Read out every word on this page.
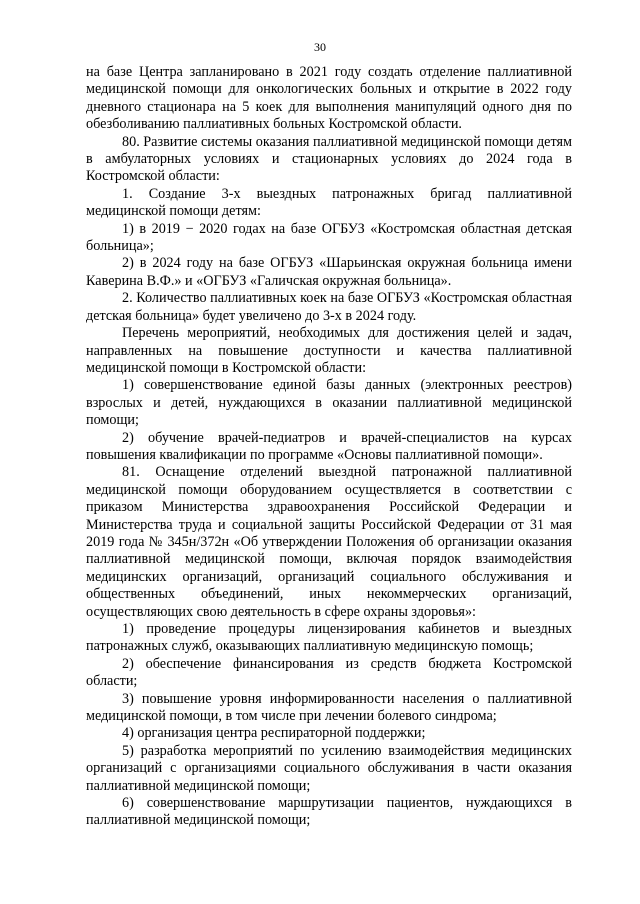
30

на базе Центра запланировано в 2021 году создать отделение паллиативной медицинской помощи для онкологических больных и открытие в 2022 году дневного стационара на 5 коек для выполнения манипуляций одного дня по обезболиванию паллиативных больных Костромской области.

80. Развитие системы оказания паллиативной медицинской помощи детям в амбулаторных условиях и стационарных условиях до 2024 года в Костромской области:

1. Создание 3-х выездных патронажных бригад паллиативной медицинской помощи детям:

1) в 2019 − 2020 годах на базе ОГБУЗ «Костромская областная детская больница»;

2) в 2024 году на базе ОГБУЗ «Шарьинская окружная больница имени Каверина В.Ф.» и «ОГБУЗ «Галичская окружная больница».

2. Количество паллиативных коек на базе ОГБУЗ «Костромская областная детская больница» будет увеличено до 3-х в 2024 году.

Перечень мероприятий, необходимых для достижения целей и задач, направленных на повышение доступности и качества паллиативной медицинской помощи в Костромской области:

1) совершенствование единой базы данных (электронных реестров) взрослых и детей, нуждающихся в оказании паллиативной медицинской помощи;

2) обучение врачей-педиатров и врачей-специалистов на курсах повышения квалификации по программе «Основы паллиативной помощи».

81. Оснащение отделений выездной патронажной паллиативной медицинской помощи оборудованием осуществляется в соответствии с приказом Министерства здравоохранения Российской Федерации и Министерства труда и социальной защиты Российской Федерации от 31 мая 2019 года № 345н/372н «Об утверждении Положения об организации оказания паллиативной медицинской помощи, включая порядок взаимодействия медицинских организаций, организаций социального обслуживания и общественных объединений, иных некоммерческих организаций, осуществляющих свою деятельность в сфере охраны здоровья»:

1) проведение процедуры лицензирования кабинетов и выездных патронажных служб, оказывающих паллиативную медицинскую помощь;

2) обеспечение финансирования из средств бюджета Костромской области;

3) повышение уровня информированности населения о паллиативной медицинской помощи, в том числе при лечении болевого синдрома;

4) организация центра респираторной поддержки;

5) разработка мероприятий по усилению взаимодействия медицинских организаций с организациями социального обслуживания в части оказания паллиативной медицинской помощи;

6) совершенствование маршрутизации пациентов, нуждающихся в паллиативной медицинской помощи;
